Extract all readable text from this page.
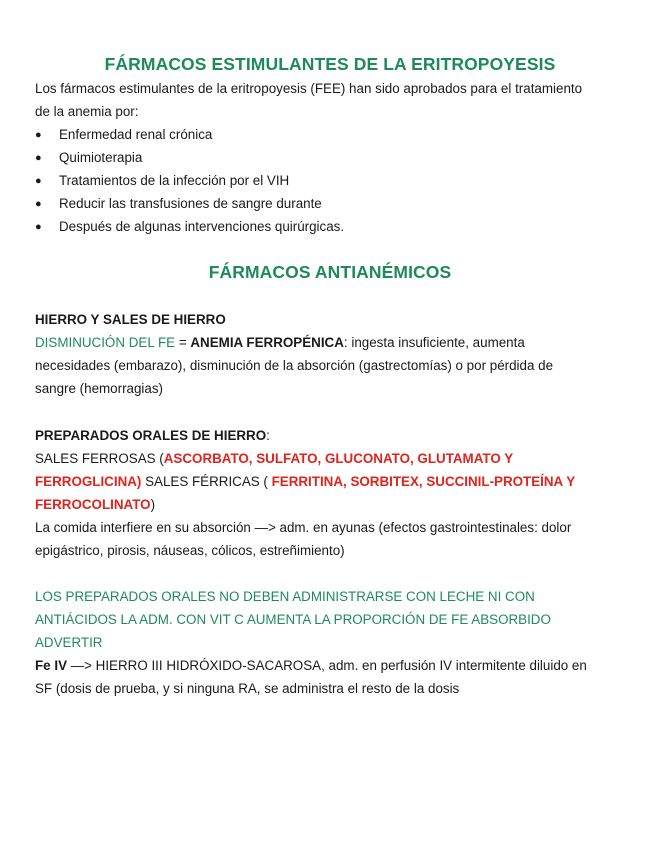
FÁRMACOS ESTIMULANTES DE LA ERITROPOYESIS
Los fármacos estimulantes de la eritropoyesis (FEE) han sido aprobados para el tratamiento
de la anemia por:
● Enfermedad renal crónica
● Quimioterapia
● Tratamientos de la infección por el VIH
● Reducir las transfusiones de sangre durante
● Después de algunas intervenciones quirúrgicas.
FÁRMACOS ANTIANÉMICOS
HIERRO Y SALES DE HIERRO
DISMINUCIÓN DEL FE = ANEMIA FERROPÉNICA: ingesta insuficiente, aumenta
necesidades (embarazo), disminución de la absorción (gastrectomías) o por pérdida de
sangre (hemorragias)
PREPARADOS ORALES DE HIERRO:
SALES FERROSAS (ASCORBATO, SULFATO, GLUCONATO, GLUTAMATO Y
FERROGLICINA) SALES FÉRRICAS ( FERRITINA, SORBITEX, SUCCINIL-PROTEÍNA Y
FERROCOLINATO)
La comida interfiere en su absorción —> adm. en ayunas (efectos gastrointestinales: dolor
epigástrico, pirosis, náuseas, cólicos, estreñimiento)
LOS PREPARADOS ORALES NO DEBEN ADMINISTRARSE CON LECHE NI CON
ANTIÁCIDOS LA ADM. CON VIT C AUMENTA LA PROPORCIÓN DE FE ABSORBIDO
ADVERTIR
Fe IV —> HIERRO III HIDRÓXIDO-SACAROSA, adm. en perfusión IV intermitente diluido en
SF (dosis de prueba, y si ninguna RA, se administra el resto de la dosis
